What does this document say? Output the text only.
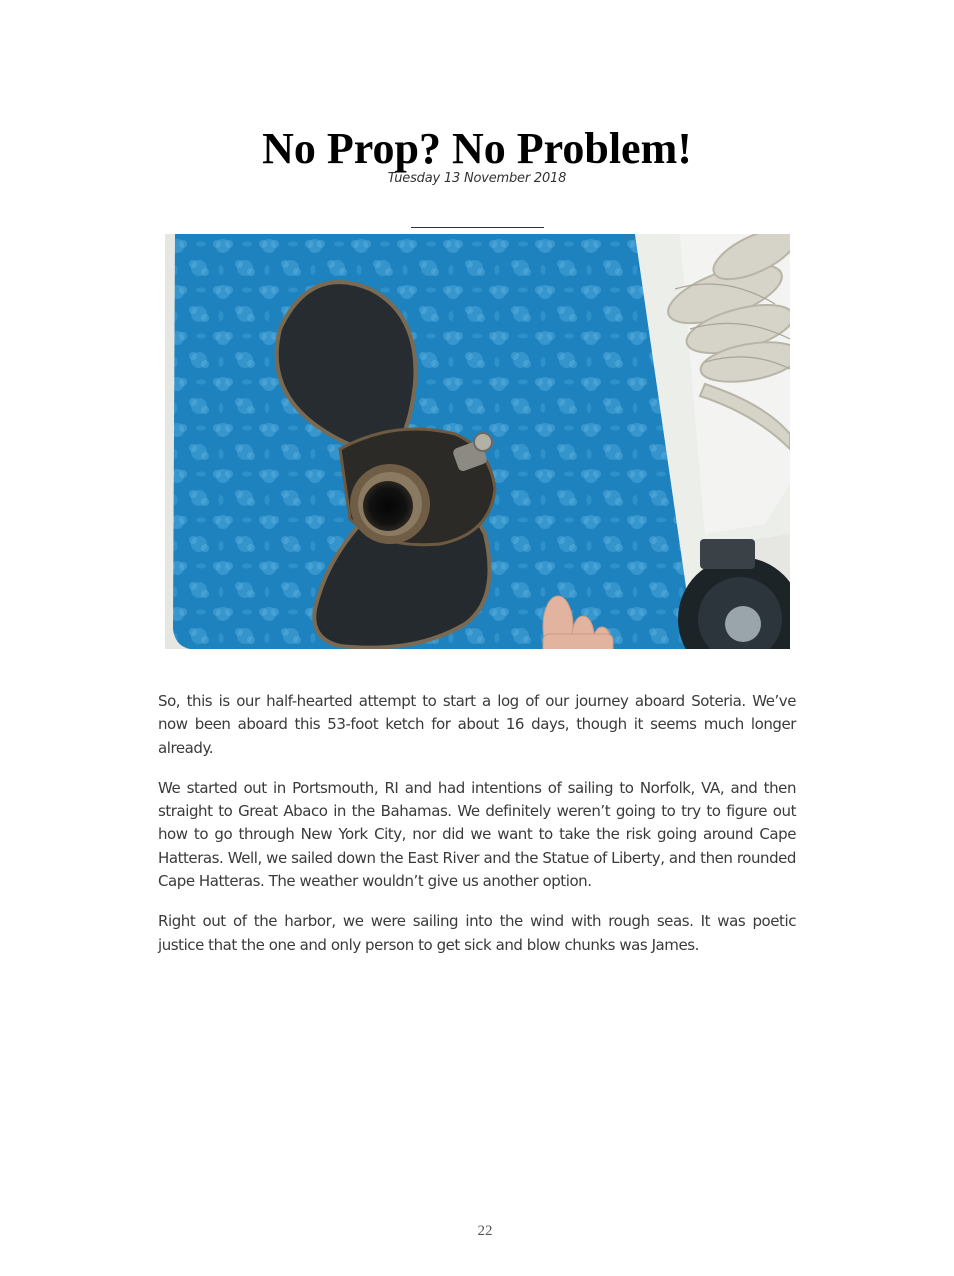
No Prop? No Problem!
Tuesday 13 November 2018

So, this is our half-hearted attempt to start a log of our journey aboard Soteria. We’ve now been aboard this 53-foot ketch for about 16 days, though it seems much longer already.

We started out in Portsmouth, RI and had intentions of sailing to Norfolk, VA, and then straight to Great Abaco in the Bahamas. We definitely weren’t going to try to figure out how to go through New York City, nor did we want to take the risk going around Cape Hatteras. Well, we sailed down the East River and the Statue of Liberty, and then rounded Cape Hatteras. The weather wouldn’t give us another option.

Right out of the harbor, we were sailing into the wind with rough seas. It was poetic justice that the one and only person to get sick and blow chunks was James.

22
